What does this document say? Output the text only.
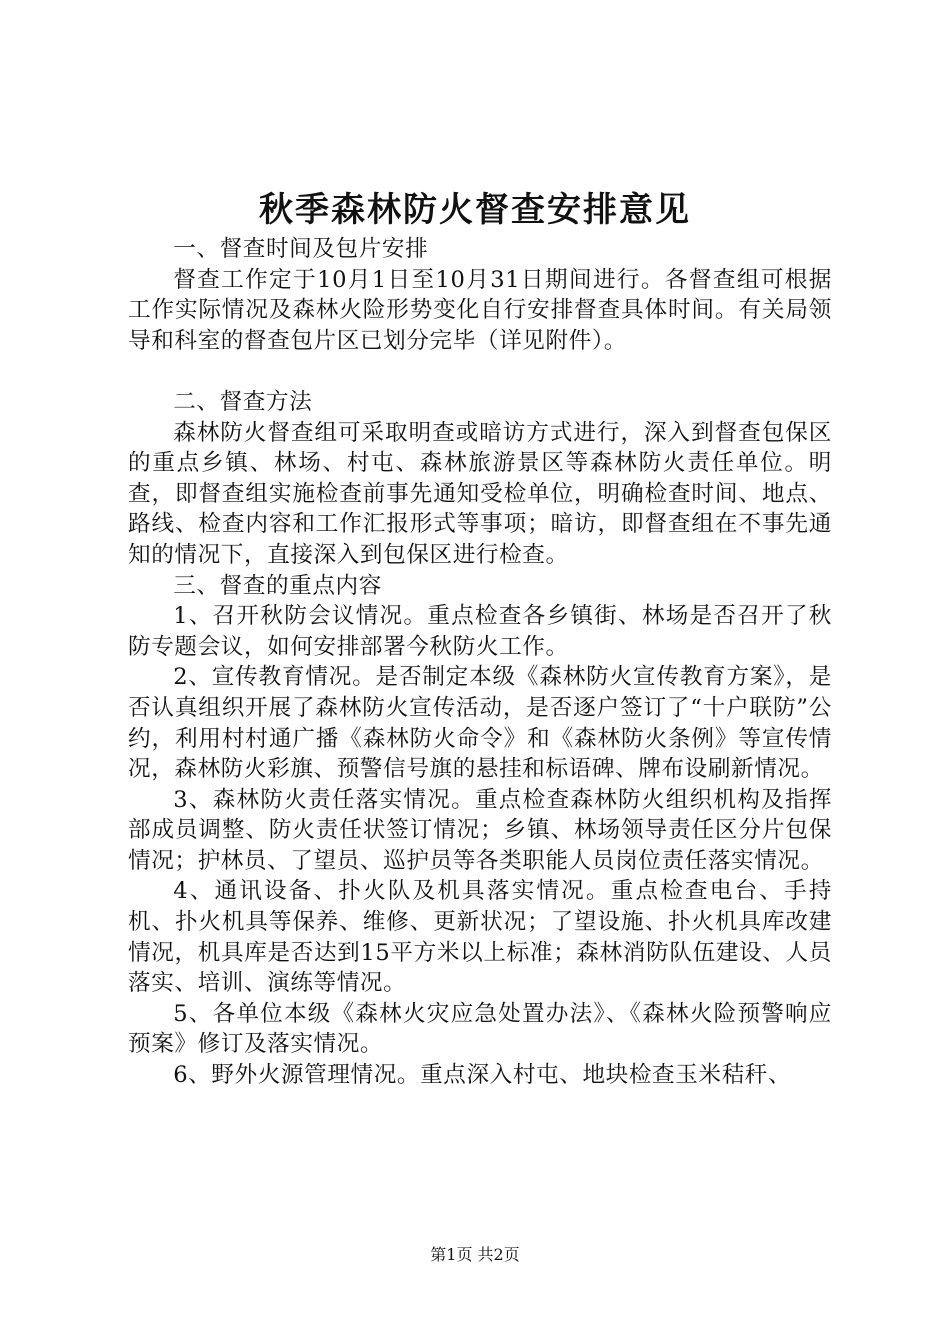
秋季森林防火督查安排意见

一、督查时间及包片安排

督查工作定于10月1日至10月31日期间进行。各督查组可根据工作实际情况及森林火险形势变化自行安排督查具体时间。有关局领导和科室的督查包片区已划分完毕（详见附件）。

二、督查方法

森林防火督查组可采取明查或暗访方式进行，深入到督查包保区的重点乡镇、林场、村屯、森林旅游景区等森林防火责任单位。明查，即督查组实施检查前事先通知受检单位，明确检查时间、地点、路线、检查内容和工作汇报形式等事项；暗访，即督查组在不事先通知的情况下，直接深入到包保区进行检查。

三、督查的重点内容

1、召开秋防会议情况。重点检查各乡镇街、林场是否召开了秋防专题会议，如何安排部署今秋防火工作。

2、宣传教育情况。是否制定本级《森林防火宣传教育方案》，是否认真组织开展了森林防火宣传活动，是否逐户签订了“十户联防”公约，利用村村通广播《森林防火命令》和《森林防火条例》等宣传情况，森林防火彩旗、预警信号旗的悬挂和标语碑、牌布设刷新情况。

3、森林防火责任落实情况。重点检查森林防火组织机构及指挥部成员调整、防火责任状签订情况；乡镇、林场领导责任区分片包保情况；护林员、了望员、巡护员等各类职能人员岗位责任落实情况。

4、通讯设备、扑火队及机具落实情况。重点检查电台、手持机、扑火机具等保养、维修、更新状况；了望设施、扑火机具库改建情况，机具库是否达到15平方米以上标准；森林消防队伍建设、人员落实、培训、演练等情况。

5、各单位本级《森林火灾应急处置办法》、《森林火险预警响应预案》修订及落实情况。

6、野外火源管理情况。重点深入村屯、地块检查玉米秸秆、

第1页 共2页
